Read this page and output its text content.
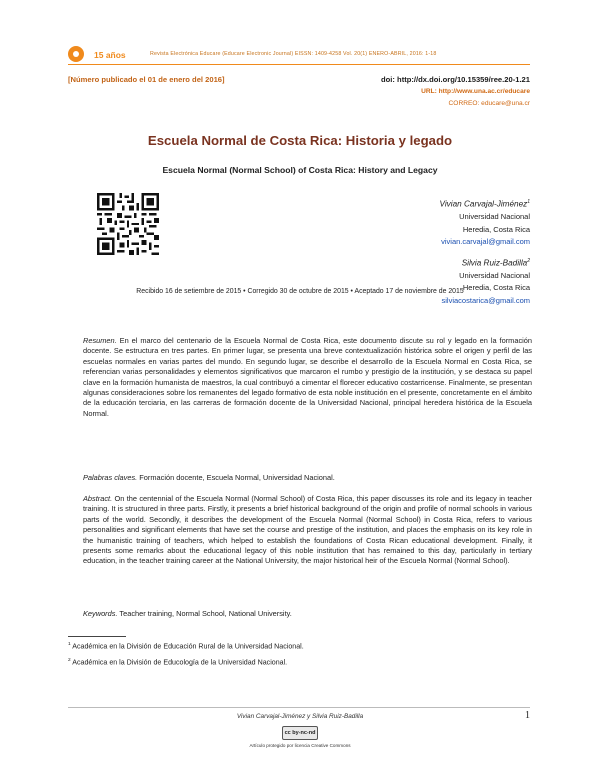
15 años	Revista Electrónica Educare (Educare Electronic Journal) EISSN: 1409-4258 Vol. 20(1) ENERO-ABRIL, 2016: 1-18
[Número publicado el 01 de enero del 2016]	doi: http://dx.doi.org/10.15359/ree.20-1.21
URL: http://www.una.ac.cr/educare
CORREO: educare@una.cr
Escuela Normal de Costa Rica: Historia y legado
Escuela Normal (Normal School) of Costa Rica: History and Legacy
Vivian Carvajal-Jiménez$^1$
Universidad Nacional
Heredia, Costa Rica
vivian.carvajal@gmail.com
Silvia Ruiz-Badilla$^2$
Universidad Nacional
Heredia, Costa Rica
silviacostarica@gmail.com
Recibido 16 de setiembre de 2015 • Corregido 30 de octubre de 2015 • Aceptado 17 de noviembre de 2015
Resumen. En el marco del centenario de la Escuela Normal de Costa Rica, este documento discute su rol y legado en la formación docente. Se estructura en tres partes. En primer lugar, se presenta una breve contextualización histórica sobre el origen y perfil de las escuelas normales en varias partes del mundo. En segundo lugar, se describe el desarrollo de la Escuela Normal en Costa Rica, se referencian varias personalidades y elementos significativos que marcaron el rumbo y prestigio de la institución, y se destaca su papel clave en la formación humanista de maestros, la cual contribuyó a cimentar el florecer educativo costarricense. Finalmente, se presentan algunas consideraciones sobre los remanentes del legado formativo de esta noble institución en el presente, concretamente en el ámbito de la educación terciaria, en las carreras de formación docente de la Universidad Nacional, principal heredera histórica de la Escuela Normal.
Palabras claves. Formación docente, Escuela Normal, Universidad Nacional.
Abstract. On the centennial of the Escuela Normal (Normal School) of Costa Rica, this paper discusses its role and its legacy in teacher training. It is structured in three parts. Firstly, it presents a brief historical background of the origin and profile of normal schools in various parts of the world. Secondly, it describes the development of the Escuela Normal (Normal School) in Costa Rica, refers to various personalities and significant elements that have set the course and prestige of the institution, and places the emphasis on its key role in the humanistic training of teachers, which helped to establish the foundations of Costa Rican educational development. Finally, it presents some remarks about the educational legacy of this noble institution that has remained to this day, particularly in tertiary education, in the teacher training career at the National University, the major historical heir of the Escuela Normal (Normal School).
Keywords. Teacher training, Normal School, National University.
$^1$ Académica en la División de Educación Rural de la Universidad Nacional.
$^2$ Académica en la División de Educología de la Universidad Nacional.
Vivian Carvajal-Jiménez y Silvia Ruiz-Badilla	1
cc by-nc-nd
Artículo protegido por licencia Creative Commons
